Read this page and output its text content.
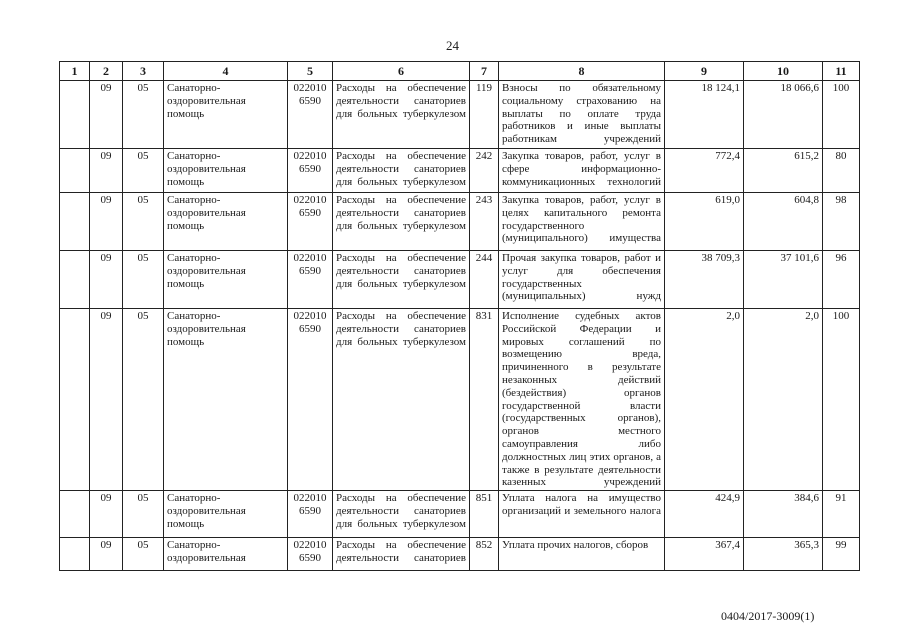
24
1	2	3	4	5	6	7	8	9	10	11
	09	05	Санаторно-оздоровительная помощь	022010 6590	Расходы на обеспечение деятельности санаториев для больных туберкулезом	119	Взносы по обязательному социальному страхованию на выплаты по оплате труда работников и иные выплаты работникам учреждений	18 124,1	18 066,6	100
	09	05	Санаторно-оздоровительная помощь	022010 6590	Расходы на обеспечение деятельности санаториев для больных туберкулезом	242	Закупка товаров, работ, услуг в сфере информационно-коммуникационных технологий	772,4	615,2	80
	09	05	Санаторно-оздоровительная помощь	022010 6590	Расходы на обеспечение деятельности санаториев для больных туберкулезом	243	Закупка товаров, работ, услуг в целях капитального ремонта государственного (муниципального) имущества	619,0	604,8	98
	09	05	Санаторно-оздоровительная помощь	022010 6590	Расходы на обеспечение деятельности санаториев для больных туберкулезом	244	Прочая закупка товаров, работ и услуг для обеспечения государственных (муниципальных) нужд	38 709,3	37 101,6	96
	09	05	Санаторно-оздоровительная помощь	022010 6590	Расходы на обеспечение деятельности санаториев для больных туберкулезом	831	Исполнение судебных актов Российской Федерации и мировых соглашений по возмещению вреда, причиненного в результате незаконных действий (бездействия) органов государственной власти (государственных органов), органов местного самоуправления либо должностных лиц этих органов, а также в результате деятельности казенных учреждений	2,0	2,0	100
	09	05	Санаторно-оздоровительная помощь	022010 6590	Расходы на обеспечение деятельности санаториев для больных туберкулезом	851	Уплата налога на имущество организаций и земельного налога	424,9	384,6	91
	09	05	Санаторно-оздоровительная	022010 6590	Расходы на обеспечение деятельности санаториев	852	Уплата прочих налогов, сборов	367,4	365,3	99
0404/2017-3009(1)
